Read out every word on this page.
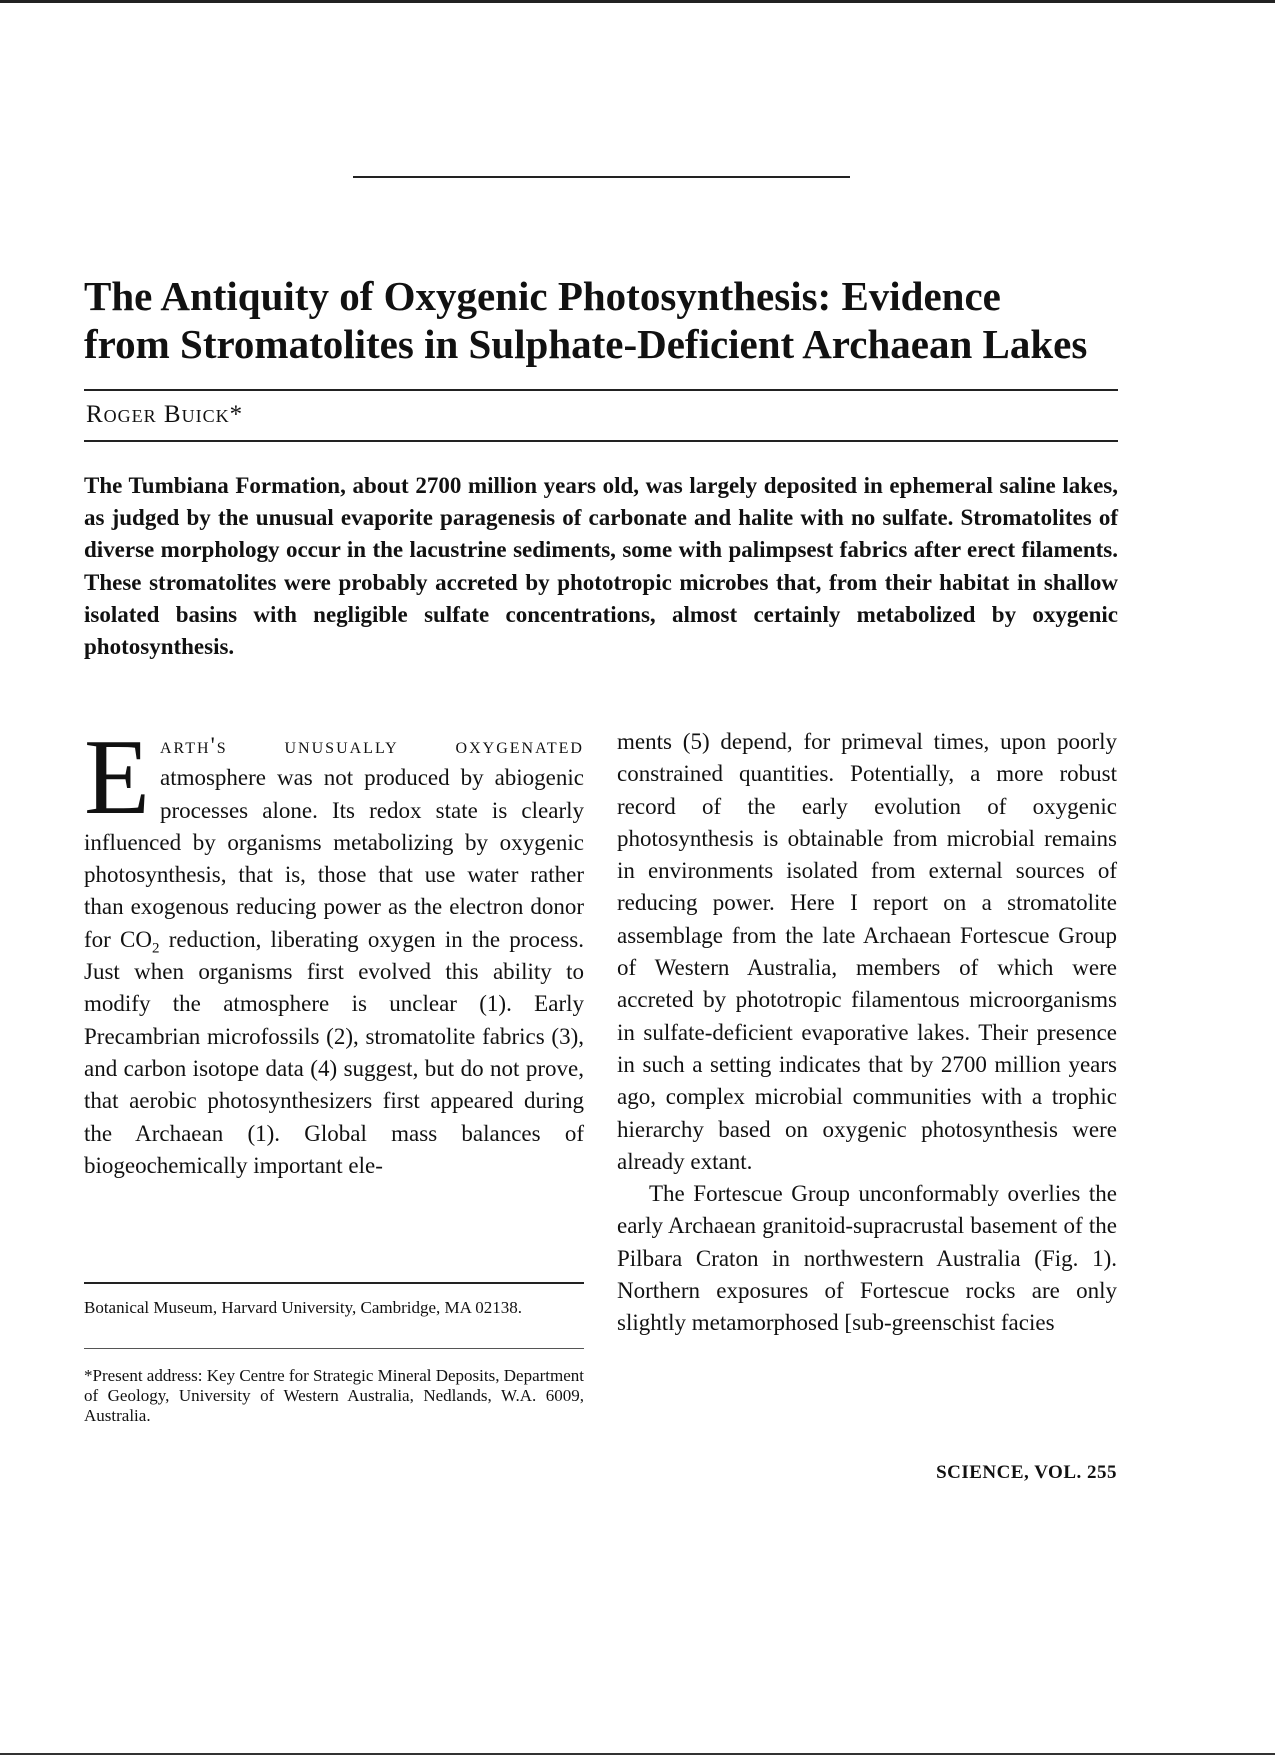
The Antiquity of Oxygenic Photosynthesis: Evidence
from Stromatolites in Sulphate-Deficient Archaean Lakes
Roger Buick*

The Tumbiana Formation, about 2700 million years old, was largely deposited in ephemeral saline lakes, as judged by the unusual evaporite paragenesis of carbonate and halite with no sulfate. Stromatolites of diverse morphology occur in the lacustrine sediments, some with palimpsest fabrics after erect filaments. These stromatolites were probably accreted by phototropic microbes that, from their habitat in shallow isolated basins with negligible sulfate concentrations, almost certainly metabolized by oxygenic photosynthesis.

Earth's unusually oxygenated atmosphere was not produced by abiogenic processes alone. Its redox state is clearly influenced by organisms metabolizing by oxygenic photosynthesis, that is, those that use water rather than exogenous reducing power as the electron donor for $CO_2$ reduction, liberating oxygen in the process. Just when organisms first evolved this ability to modify the atmosphere is unclear (1). Early Precambrian microfossils (2), stromatolite fabrics (3), and carbon isotope data (4) suggest, but do not prove, that aerobic photosynthesizers first appeared during the Archaean (1). Global mass balances of biogeochemically important ele-

Botanical Museum, Harvard University, Cambridge, MA 02138.

*Present address: Key Centre for Strategic Mineral Deposits, Department of Geology, University of Western Australia, Nedlands, W.A. 6009, Australia.

ments (5) depend, for primeval times, upon poorly constrained quantities. Potentially, a more robust record of the early evolution of oxygenic photosynthesis is obtainable from microbial remains in environments isolated from external sources of reducing power. Here I report on a stromatolite assemblage from the late Archaean Fortescue Group of Western Australia, members of which were accreted by phototropic filamentous microorganisms in sulfate-deficient evaporative lakes. Their presence in such a setting indicates that by 2700 million years ago, complex microbial communities with a trophic hierarchy based on oxygenic photosynthesis were already extant.

The Fortescue Group unconformably overlies the early Archaean granitoid-supracrustal basement of the Pilbara Craton in northwestern Australia (Fig. 1). Northern exposures of Fortescue rocks are only slightly metamorphosed [sub-greenschist facies

SCIENCE, VOL. 255
